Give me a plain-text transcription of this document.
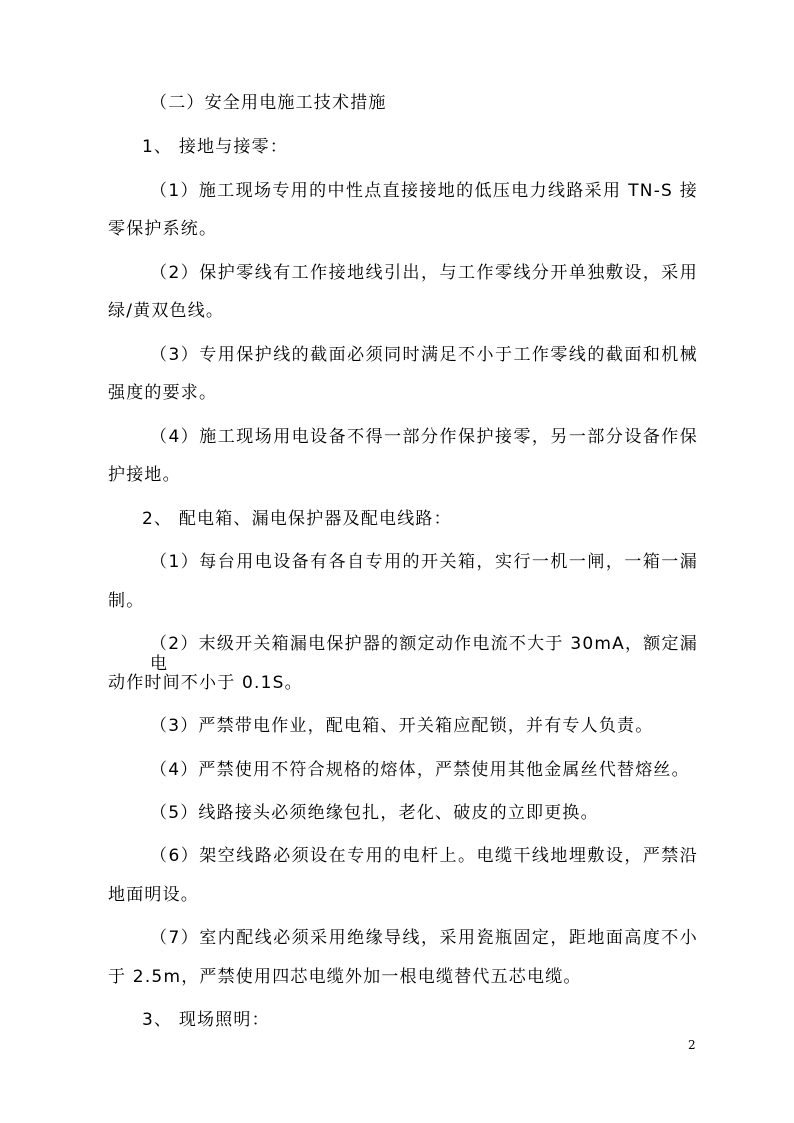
（二）安全用电施工技术措施
1、 接地与接零：
（1）施工现场专用的中性点直接接地的低压电力线路采用 TN-S 接
零保护系统。
（2）保护零线有工作接地线引出，与工作零线分开单独敷设，采用
绿/黄双色线。
（3）专用保护线的截面必须同时满足不小于工作零线的截面和机械
强度的要求。
（4）施工现场用电设备不得一部分作保护接零，另一部分设备作保
护接地。
2、 配电箱、漏电保护器及配电线路：
（1）每台用电设备有各自专用的开关箱，实行一机一闸，一箱一漏
制。
（2）末级开关箱漏电保护器的额定动作电流不大于 30mA，额定漏电
动作时间不小于 0.1S。
（3）严禁带电作业，配电箱、开关箱应配锁，并有专人负责。
（4）严禁使用不符合规格的熔体，严禁使用其他金属丝代替熔丝。
（5）线路接头必须绝缘包扎，老化、破皮的立即更换。
（6）架空线路必须设在专用的电杆上。电缆干线地埋敷设，严禁沿
地面明设。
（7）室内配线必须采用绝缘导线，采用瓷瓶固定，距地面高度不小
于 2.5m，严禁使用四芯电缆外加一根电缆替代五芯电缆。
3、 现场照明：
2
